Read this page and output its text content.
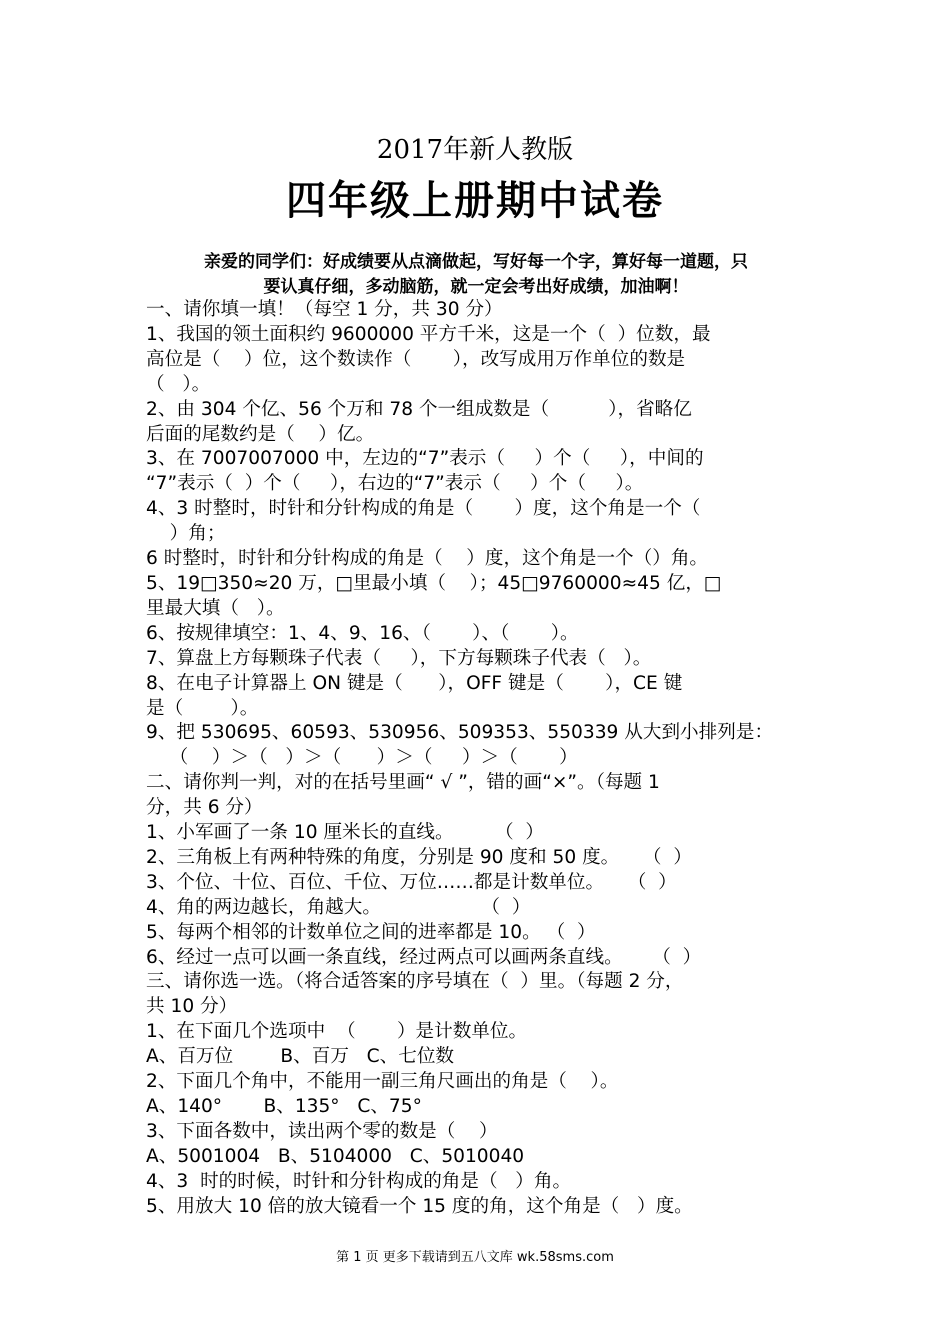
2017年新人教版
四年级上册期中试卷
亲爱的同学们：好成绩要从点滴做起，写好每一个字，算好每一道题，只
要认真仔细，多动脑筋，就一定会考出好成绩，加油啊！

一、请你填一填！（每空 1 分，共 30 分）

1、我国的领土面积约 9600000 平方千米，这是一个（  ）位数，最

高位是（    ）位，这个数读作（       ），改写成用万作单位的数是

（   ）。

2、由 304 个亿、56 个万和 78 个一组成数是（          ），省略亿

后面的尾数约是（    ）亿。

3、在 7007007000 中，左边的“7”表示（     ）个（     ），中间的

“7”表示（  ）个（     ），右边的“7”表示（     ）个（     ）。

4、3 时整时，时针和分针构成的角是（       ）度，这个角是一个（

）角；

6 时整时，时针和分针构成的角是（    ）度，这个角是一个（）角。

5、19□350≈20 万，□里最小填（    ）；45□9760000≈45 亿，□

里最大填（   ）。

6、按规律填空：1、4、9、16、（       ）、（       ）。

7、算盘上方每颗珠子代表（     ），下方每颗珠子代表（   ）。

8、在电子计算器上 ON 键是（      ），OFF 键是（       ），CE 键

是（        ）。

9、把 530695、60593、530956、509353、550339 从大到小排列是：

（    ）＞（   ）＞（      ）＞（     ）＞（       ）

二、请你判一判，对的在括号里画“ √ ”，错的画“×”。（每题 1

分，共 6 分）

1、小军画了一条 10 厘米长的直线。       （  ）

2、三角板上有两种特殊的角度，分别是 90 度和 50 度。    （  ）

3、个位、十位、百位、千位、万位……都是计数单位。    （  ）

4、角的两边越长，角越大。                 （  ）

5、每两个相邻的计数单位之间的进率都是 10。 （  ）

6、经过一点可以画一条直线，经过两点可以画两条直线。     （  ）

三、请你选一选。（将合适答案的序号填在（  ）里。（每题 2 分，

共 10 分）

1、在下面几个选项中  （       ）是计数单位。

A、百万位        B、百万   C、七位数

2、下面几个角中，不能用一副三角尺画出的角是（    ）。

A、140°       B、135°   C、75°

3、下面各数中，读出两个零的数是（    ）

A、5001004   B、5104000   C、5010040

4、3  时的时候，时针和分针构成的角是（   ）角。

5、用放大 10 倍的放大镜看一个 15 度的角，这个角是（   ）度。

第 1 页 更多下载请到五八文库 wk.58sms.com
